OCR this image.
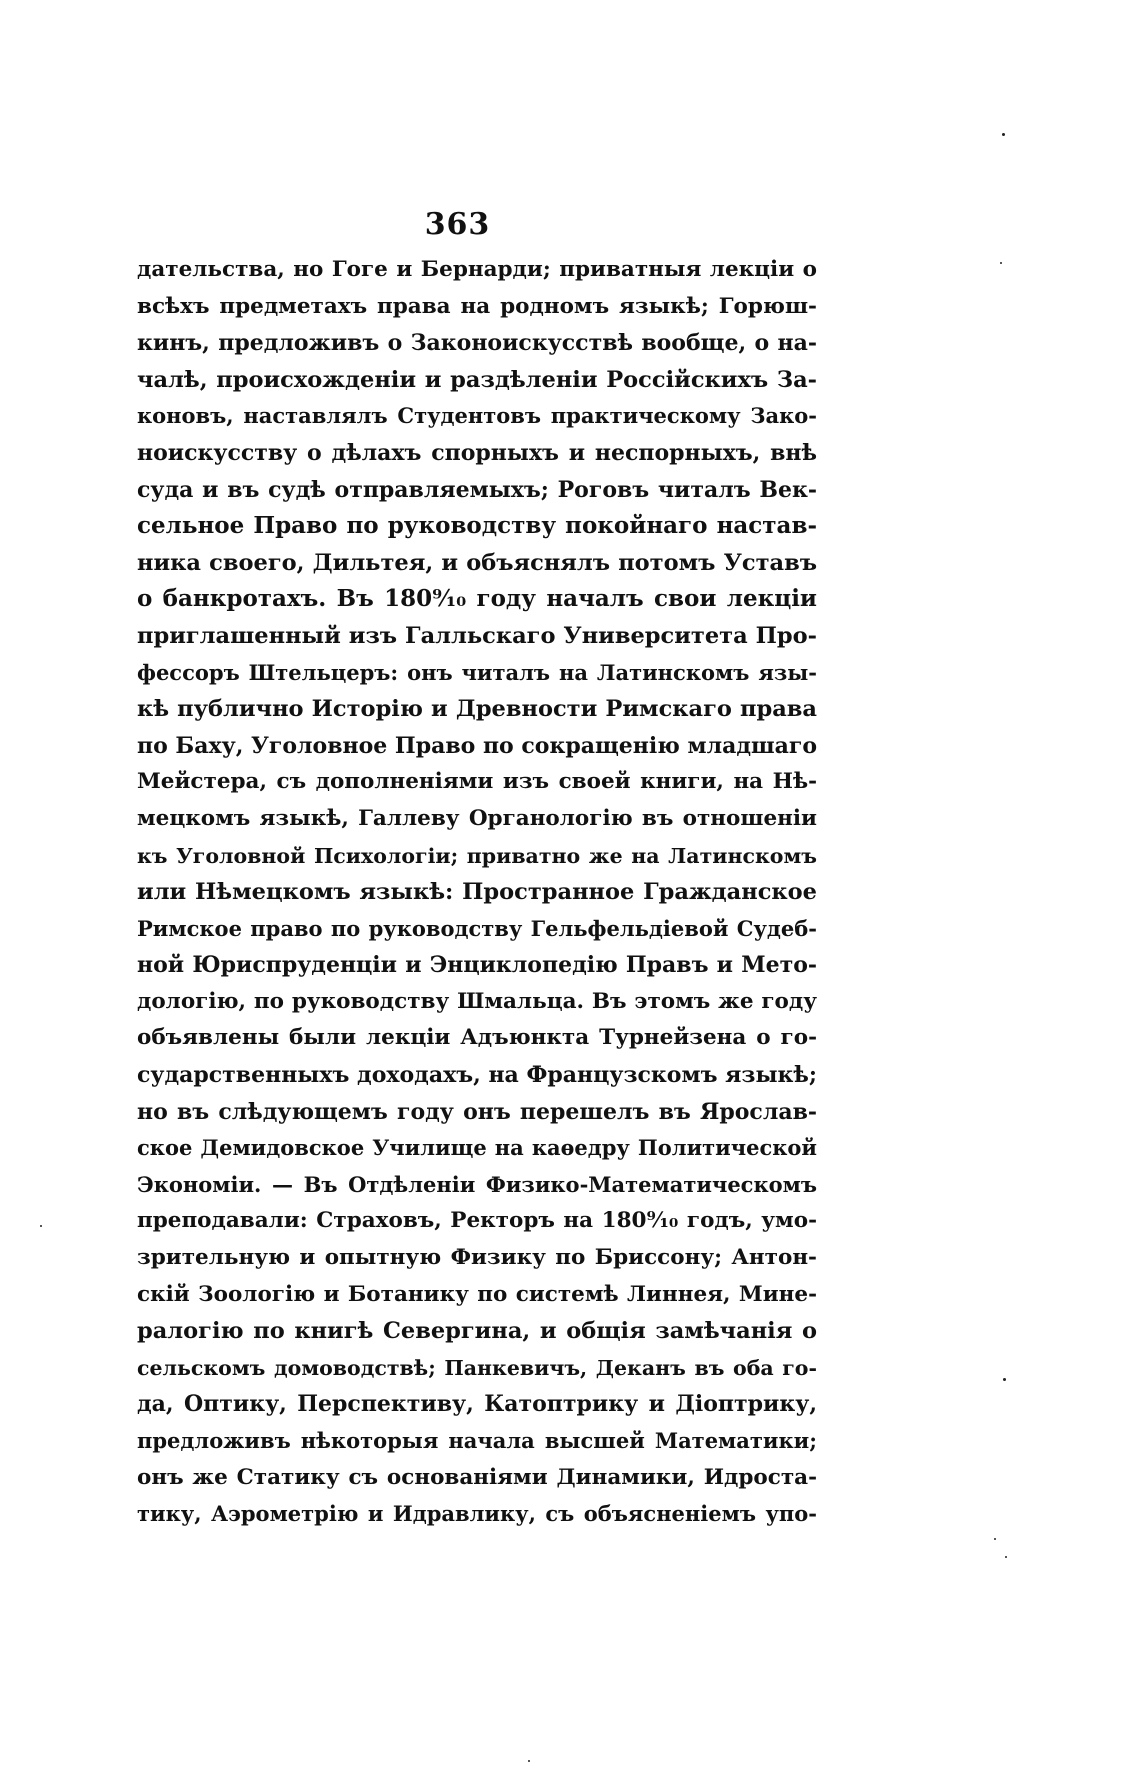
363
дательства, но Гоге и Бернарди; приватныя лекціи о
всѣхъ предметахъ права на родномъ языкѣ; Горюш-
кинъ, предложивъ о Законоискусствѣ вообще, о на-
чалѣ, происхожденіи и раздѣленіи Россійскихъ За-
коновъ, наставлялъ Студентовъ практическому Зако-
ноискусству о дѣлахъ спорныхъ и неспорныхъ, внѣ
суда и въ судѣ отправляемыхъ; Роговъ читалъ Век-
сельное Право по руководству покойнаго настав-
ника своего, Дильтея, и объяснялъ потомъ Уставъ
о банкротахъ. Въ 180⁹⁄₁₀ году началъ свои лекціи
приглашенный изъ Галльскаго Университета Про-
фессоръ Штельцеръ: онъ читалъ на Латинскомъ язы-
кѣ публично Исторію и Древности Римскаго права
по Баху, Уголовное Право по сокращенію младшаго
Мейстера, съ дополненіями изъ своей книги, на Нѣ-
мецкомъ языкѣ, Галлеву Органологію въ отношеніи
къ Уголовной Психологіи; приватно же на Латинскомъ
или Нѣмецкомъ языкѣ: Пространное Гражданское
Римское право по руководству Гельфельдіевой Судеб-
ной Юриспруденціи и Энциклопедію Правъ и Мето-
дологію, по руководству Шмальца. Въ этомъ же году
объявлены были лекціи Адъюнкта Турнейзена о го-
сударственныхъ доходахъ, на Французскомъ языкѣ;
но въ слѣдующемъ году онъ перешелъ въ Ярослав-
ское Демидовское Училище на каѳедру Политической
Экономіи. — Въ Отдѣленіи Физико-Математическомъ
преподавали: Страховъ, Ректоръ на 180⁹⁄₁₀ годъ, умо-
зрительную и опытную Физику по Бриссону; Антон-
скій Зоологію и Ботанику по системѣ Линнея, Мине-
ралогію по книгѣ Севергина, и общія замѣчанія о
сельскомъ домоводствѣ; Панкевичъ, Деканъ въ оба го-
да, Оптику, Перспективу, Катоптрику и Діоптрику,
предложивъ нѣкоторыя начала высшей Математики;
онъ же Статику съ основаніями Динамики, Идроста-
тику, Аэрометрію и Идравлику, съ объясненіемъ упо-
